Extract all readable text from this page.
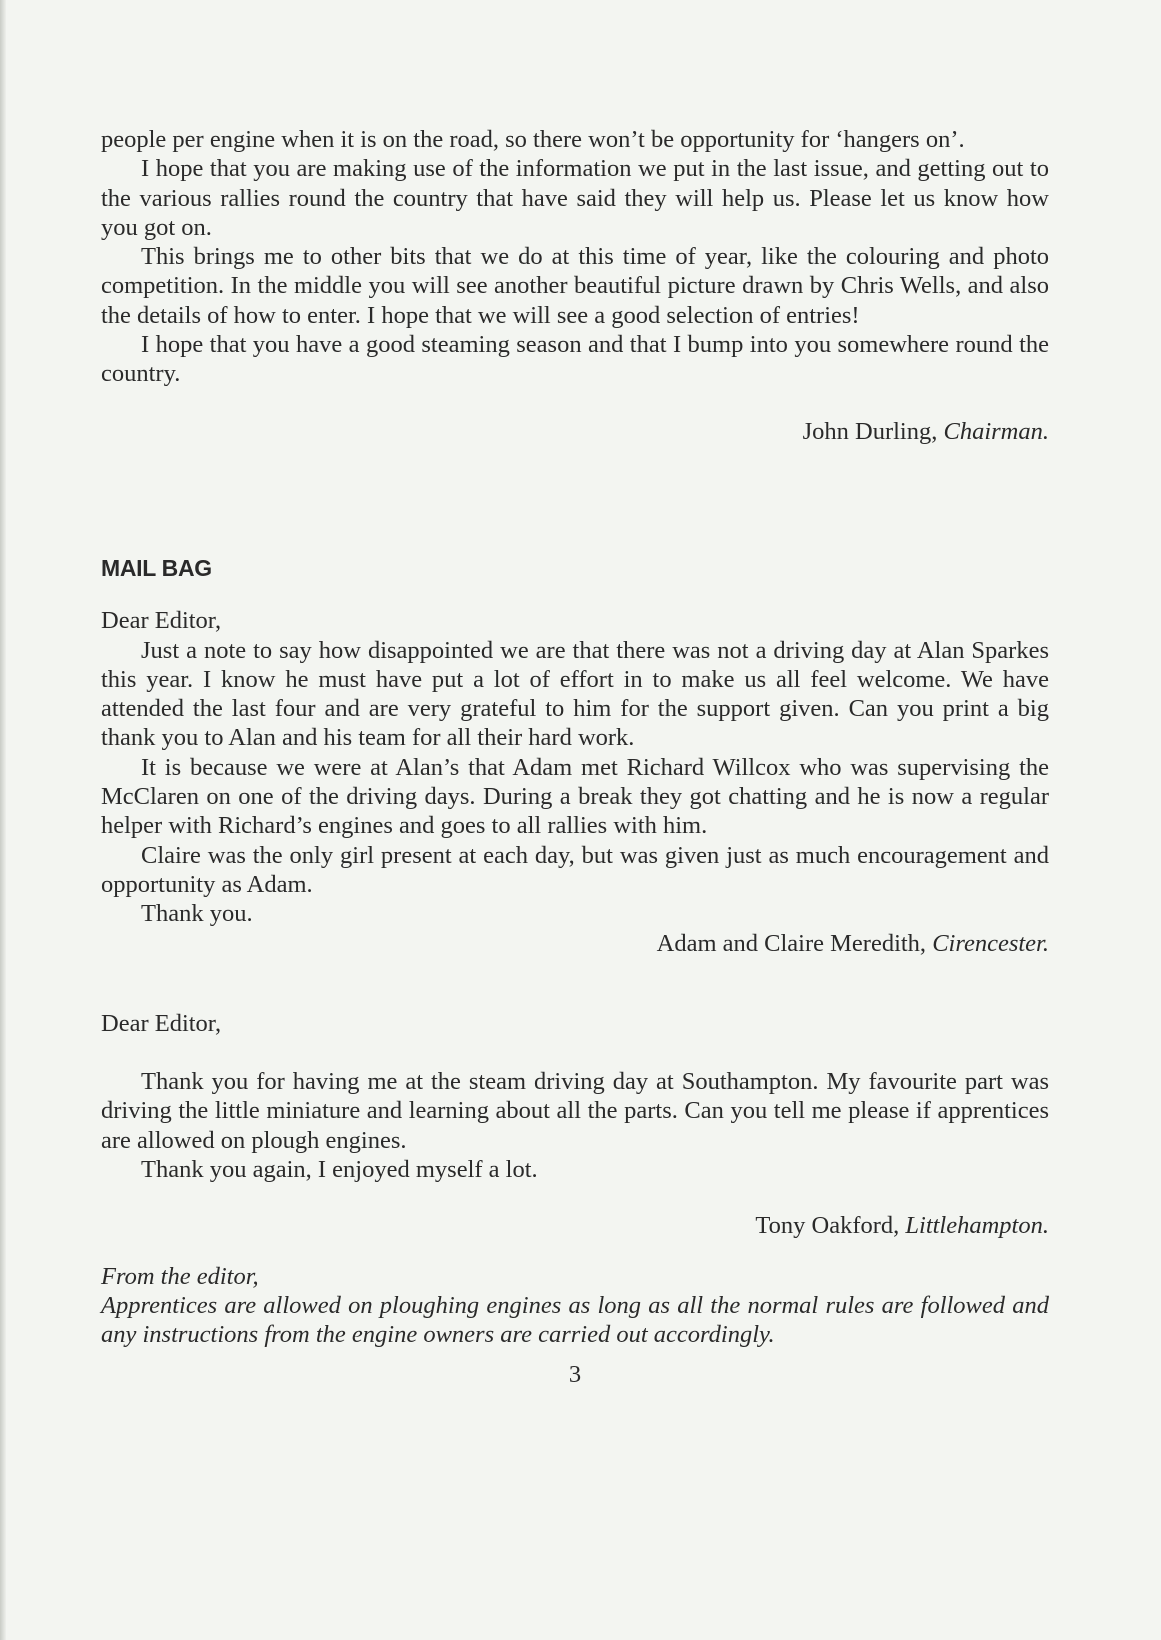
people per engine when it is on the road, so there won’t be opportunity for ‘hangers on’.

I hope that you are making use of the information we put in the last issue, and getting out to the various rallies round the country that have said they will help us. Please let us know how you got on.

This brings me to other bits that we do at this time of year, like the colouring and photo competition. In the middle you will see another beautiful picture drawn by Chris Wells, and also the details of how to enter. I hope that we will see a good selection of entries!

I hope that you have a good steaming season and that I bump into you somewhere round the country.

John Durling, Chairman.

MAIL BAG

Dear Editor,

Just a note to say how disappointed we are that there was not a driving day at Alan Sparkes this year. I know he must have put a lot of effort in to make us all feel welcome. We have attended the last four and are very grateful to him for the support given. Can you print a big thank you to Alan and his team for all their hard work.

It is because we were at Alan’s that Adam met Richard Willcox who was supervising the McClaren on one of the driving days. During a break they got chatting and he is now a regular helper with Richard’s engines and goes to all rallies with him.

Claire was the only girl present at each day, but was given just as much encouragement and opportunity as Adam.

Thank you.

Adam and Claire Meredith, Cirencester.

Dear Editor,

Thank you for having me at the steam driving day at Southampton. My favourite part was driving the little miniature and learning about all the parts. Can you tell me please if apprentices are allowed on plough engines.

Thank you again, I enjoyed myself a lot.

Tony Oakford, Littlehampton.

From the editor,

Apprentices are allowed on ploughing engines as long as all the normal rules are followed and any instructions from the engine owners are carried out accordingly.

3
